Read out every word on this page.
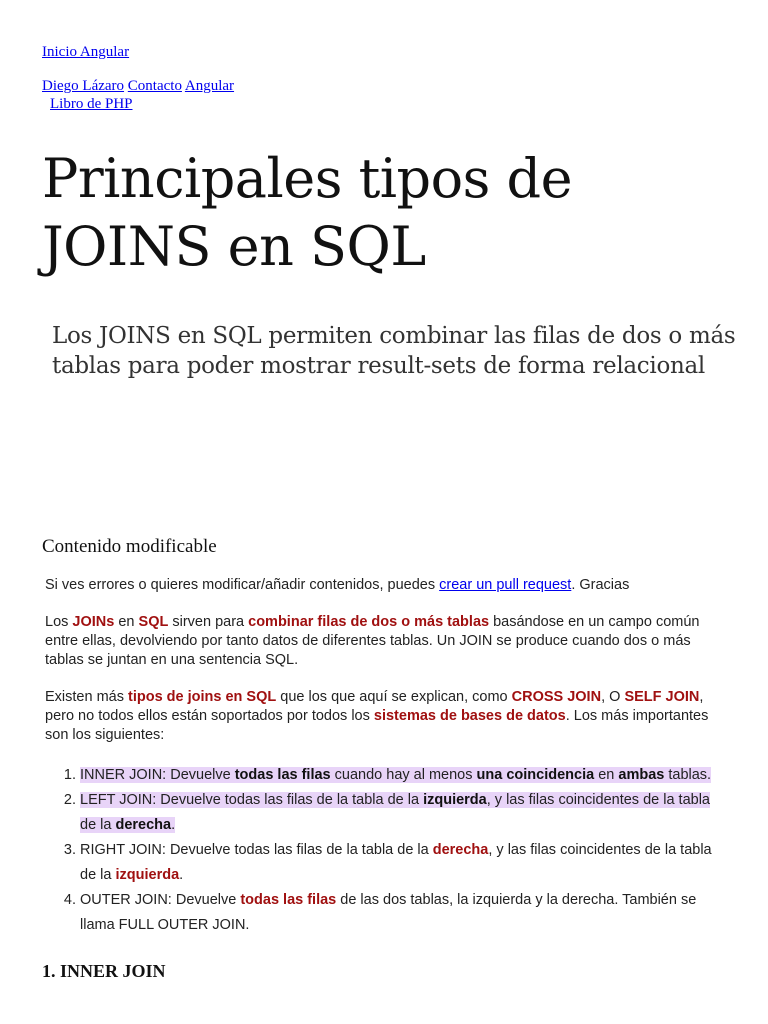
Inicio Angular
Diego Lázaro Contacto Angular
Libro de PHP
Principales tipos de JOINS en SQL
Los JOINS en SQL permiten combinar las filas de dos o más tablas para poder mostrar result-sets de forma relacional
Contenido modificable

Si ves errores o quieres modificar/añadir contenidos, puedes crear un pull request. Gracias

Los JOINs en SQL sirven para combinar filas de dos o más tablas basándose en un campo común entre ellas, devolviendo por tanto datos de diferentes tablas. Un JOIN se produce cuando dos o más tablas se juntan en una sentencia SQL.

Existen más tipos de joins en SQL que los que aquí se explican, como CROSS JOIN, O SELF JOIN, pero no todos ellos están soportados por todos los sistemas de bases de datos. Los más importantes son los siguientes:

1. INNER JOIN: Devuelve todas las filas cuando hay al menos una coincidencia en ambas tablas.
2. LEFT JOIN: Devuelve todas las filas de la tabla de la izquierda, y las filas coincidentes de la tabla de la derecha.
3. RIGHT JOIN: Devuelve todas las filas de la tabla de la derecha, y las filas coincidentes de la tabla de la izquierda.
4. OUTER JOIN: Devuelve todas las filas de las dos tablas, la izquierda y la derecha. También se llama FULL OUTER JOIN.
1. INNER JOIN
